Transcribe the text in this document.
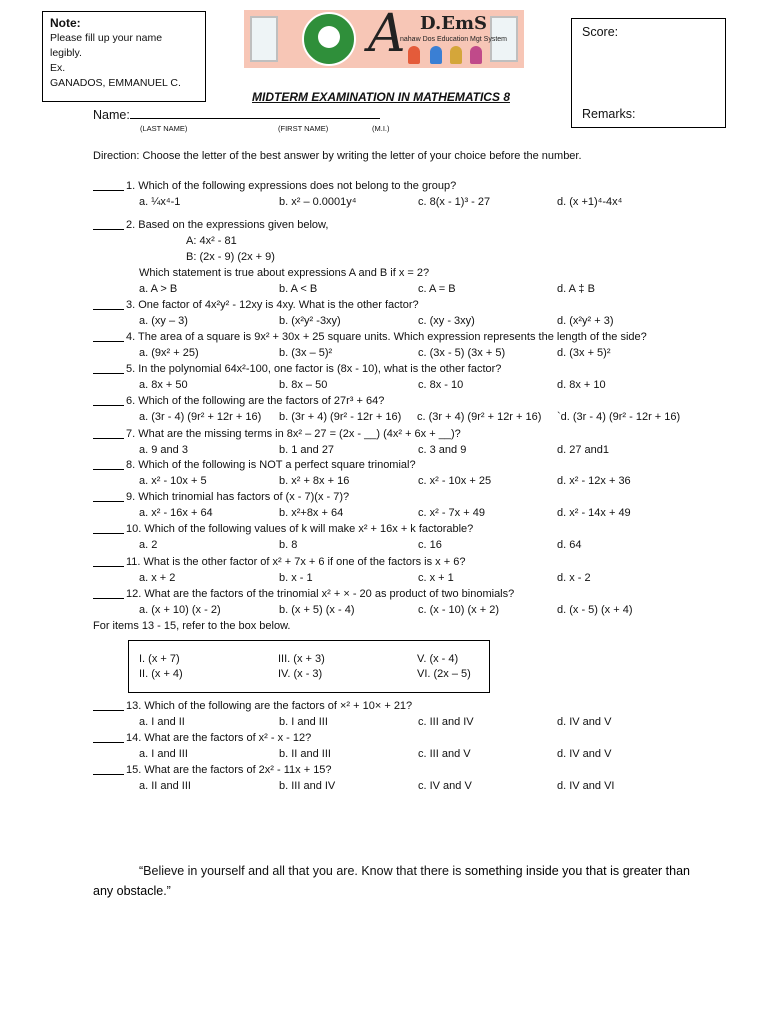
Note:
Please fill up your name
legibly.
Ex.
GANADOS, EMMANUEL C.
A D.EmS
nahaw Dos Education Mgt System
Score:
Remarks:
MIDTERM EXAMINATION IN MATHEMATICS 8
Name:
(LAST NAME)	(FIRST NAME)	(M.I.)
Direction: Choose the letter of the best answer by writing the letter of your choice before the number.
1. Which of the following expressions does not belong to the group?
a. ¼x⁴-1	b. x² – 0.0001y⁴	c. 8(x - 1)³ - 27	d. (x +1)⁴-4x⁴
2. Based on the expressions given below,
A: 4x² - 81
B: (2x - 9) (2x + 9)
Which statement is true about expressions A and B if x = 2?
a. A > B	b. A < B	c. A = B	d. A ‡ B
3. One factor of 4x²y² - 12xy is 4xy. What is the other factor?
a. (xy – 3)	b. (x²y² -3xy)	c. (xy - 3xy)	d. (x²y² + 3)
4. The area of a square is 9x² + 30x + 25 square units. Which expression represents the length of the side?
a. (9x² + 25)	b. (3x – 5)²	c. (3x - 5) (3x + 5)	d. (3x + 5)²
5. In the polynomial 64x²-100, one factor is (8x - 10), what is the other factor?
a. 8x + 50	b. 8x – 50	c. 8x - 10	d. 8x + 10
6. Which of the following are the factors of 27r³ + 64?
a. (3r - 4) (9r² + 12r + 16) b. (3r + 4) (9r² - 12r + 16) c. (3r + 4) (9r² + 12r + 16) `d. (3r - 4) (9r² - 12r + 16)
7. What are the missing terms in 8x² – 27 = (2x - __) (4x² + 6x + __)?
a. 9 and 3	b. 1 and 27	c. 3 and 9	d. 27 and1
8. Which of the following is NOT a perfect square trinomial?
a. x² - 10x + 5	b. x² + 8x + 16	c. x² - 10x + 25	d. x² - 12x + 36
9. Which trinomial has factors of (x - 7)(x - 7)?
a. x² - 16x + 64	b. x²+8x + 64	c. x² - 7x + 49	d. x² - 14x + 49
10. Which of the following values of k will make x² + 16x + k factorable?
a. 2	b. 8	c. 16	d. 64
11. What is the other factor of x² + 7x + 6 if one of the factors is x + 6?
a. x + 2	b. x - 1	c. x + 1	d. x - 2
12. What are the factors of the trinomial x² + × - 20 as product of two binomials?
a. (x + 10) (x - 2)	b. (x + 5) (x - 4)	c. (x - 10) (x + 2)	d. (x - 5) (x + 4)
13. Which of the following are the factors of ×² + 10× + 21?
a. I and II	b. I and III	c. III and IV	d. IV and V
14. What are the factors of x² - x - 12?
a. I and III	b. II and III	c. III and V	d. IV and V
15. What are the factors of 2x² - 11x + 15?
a. II and III	b. III and IV	c. IV and V	d. IV and VI
For items 13 - 15, refer to the box below.
I. (x + 7)	III. (x + 3)	V. (x - 4)
II. (x + 4)	IV. (x - 3)	VI. (2x – 5)
“Believe in yourself and all that you are. Know that there is something inside you that is greater than any obstacle.”
